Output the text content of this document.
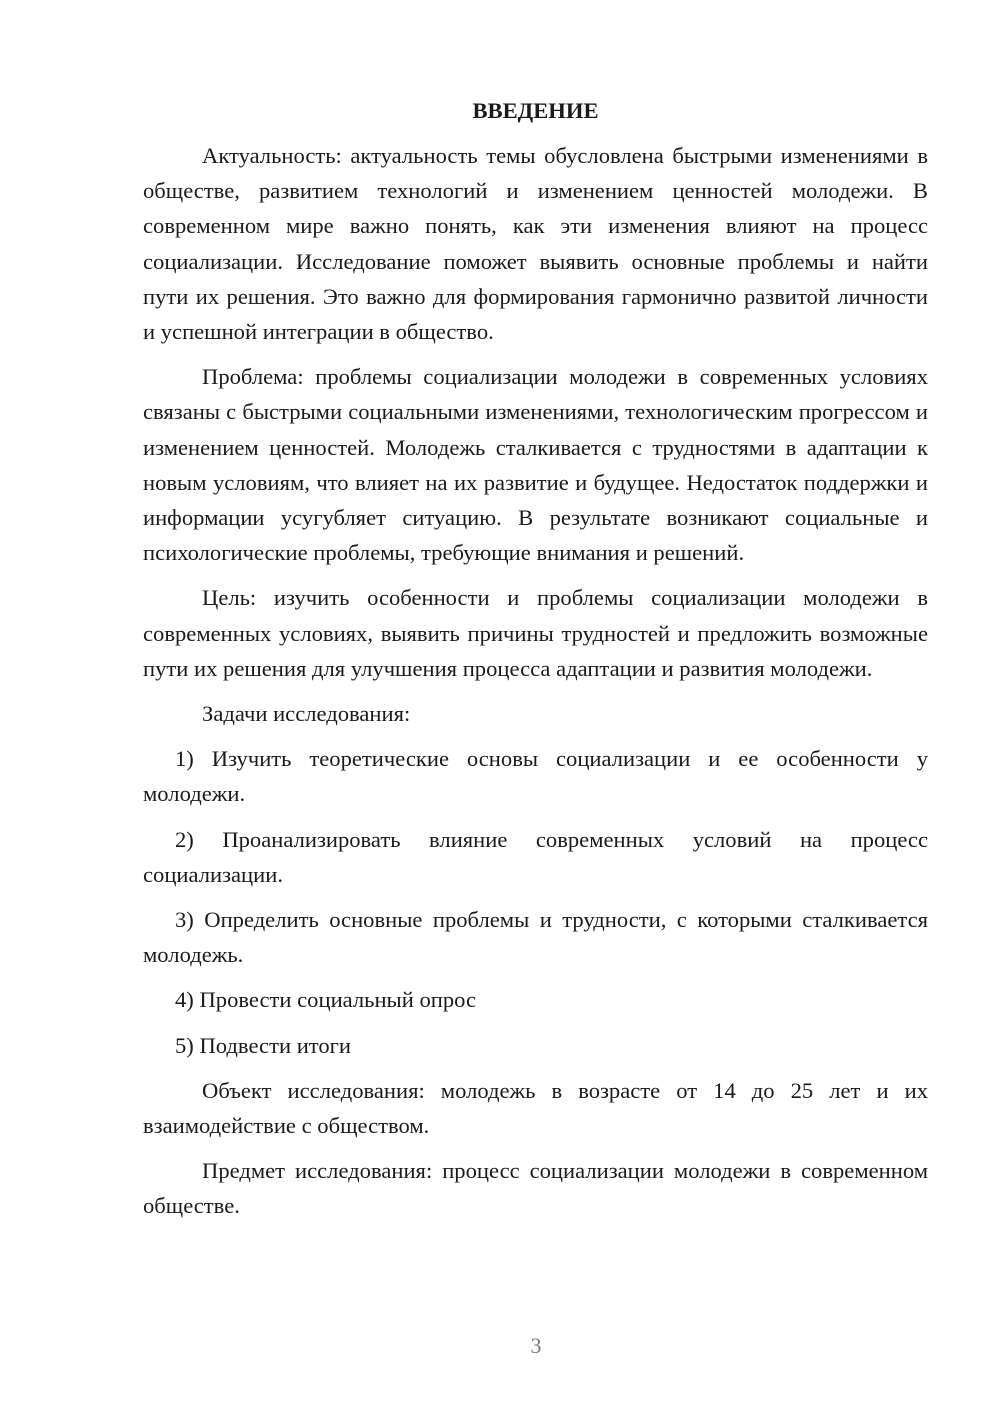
ВВЕДЕНИЕ

Актуальность: актуальность темы обусловлена быстрыми изменениями в обществе, развитием технологий и изменением ценностей молодежи. В современном мире важно понять, как эти изменения влияют на процесс социализации. Исследование поможет выявить основные проблемы и найти пути их решения. Это важно для формирования гармонично развитой личности и успешной интеграции в общество.

Проблема: проблемы социализации молодежи в современных условиях связаны с быстрыми социальными изменениями, технологическим прогрессом и изменением ценностей. Молодежь сталкивается с трудностями в адаптации к новым условиям, что влияет на их развитие и будущее. Недостаток поддержки и информации усугубляет ситуацию. В результате возникают социальные и психологические проблемы, требующие внимания и решений.

Цель: изучить особенности и проблемы социализации молодежи в современных условиях, выявить причины трудностей и предложить возможные пути их решения для улучшения процесса адаптации и развития молодежи.

Задачи исследования:

1) Изучить теоретические основы социализации и ее особенности у молодежи.

2) Проанализировать влияние современных условий на процесс социализации.

3) Определить основные проблемы и трудности, с которыми сталкивается молодежь.

4) Провести социальный опрос

5) Подвести итоги

Объект исследования: молодежь в возрасте от 14 до 25 лет и их взаимодействие с обществом.

Предмет исследования: процесс социализации молодежи в современном обществе.

3
